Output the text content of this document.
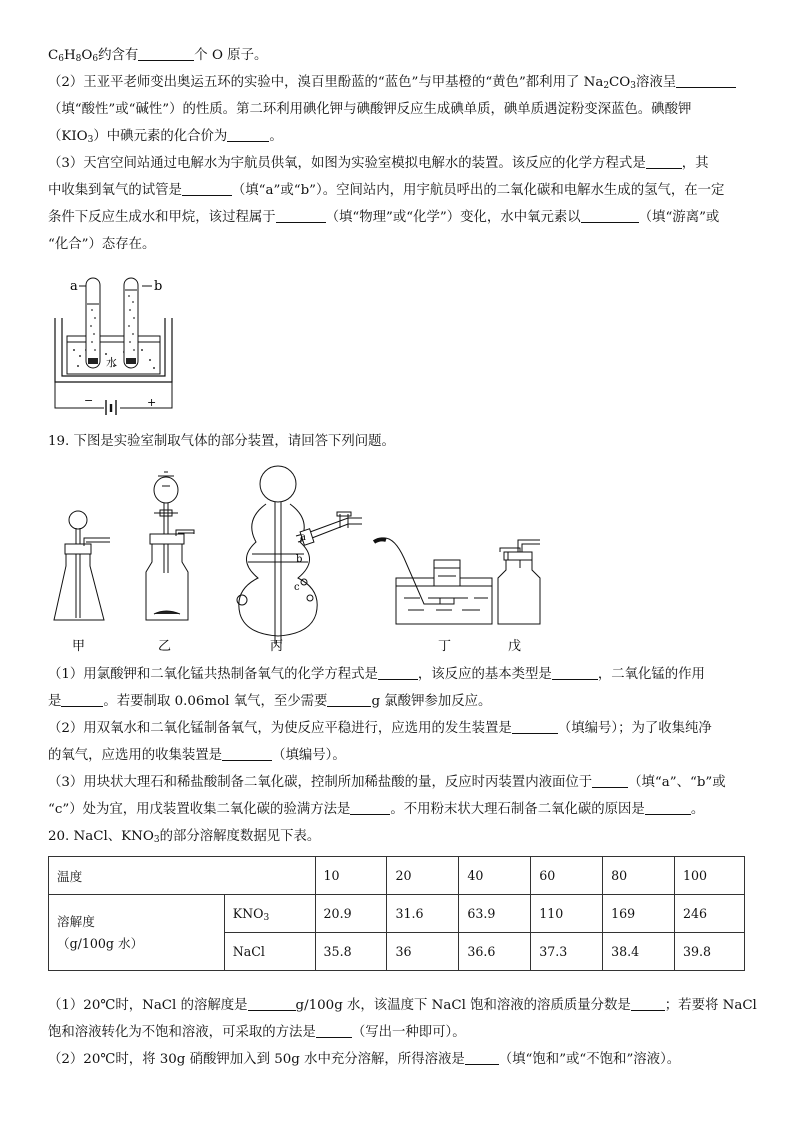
$C_6H_8O_6$约含有	个 O 原子。
（2）王亚平老师变出奥运五环的实验中，溴百里酚蓝的“蓝色”与甲基橙的“黄色”都利用了 $Na_2CO_3$溶液呈
（填“酸性”或“碱性”）的性质。第二环利用碘化钾与碘酸钾反应生成碘单质，碘单质遇淀粉变深蓝色。碘酸钾
$(KIO_3)$中碘元素的化合价为	。
（3）天宫空间站通过电解水为宇航员供氧，如图为实验室模拟电解水的装置。该反应的化学方程式是	，其
中收集到氧气的试管是	（填“a”或“b”）。空间站内，用宇航员呼出的二氧化碳和电解水生成的氢气，在一定
条件下反应生成水和甲烷，该过程属于	（填“物理”或“化学”）变化，水中氧元素以	（填“游离”或
“化合”）态存在。
a	b
水
−	+
19. 下图是实验室制取气体的部分装置，请回答下列问题。
a
b
c
甲	乙	丙	丁	戊
（1）用氯酸钾和二氧化锰共热制备氧气的化学方程式是	，该反应的基本类型是	，二氧化锰的作用
是	。若要制取 0.06mol 氧气，至少需要	g 氯酸钾参加反应。
（2）用双氧水和二氧化锰制备氧气，为使反应平稳进行，应选用的发生装置是	（填编号）；为了收集纯净
的氧气，应选用的收集装置是	（填编号）。
（3）用块状大理石和稀盐酸制备二氧化碳，控制所加稀盐酸的量，反应时丙装置内液面位于	（填“a”、“b”或
“c”）处为宜，用戊装置收集二氧化碳的验满方法是	。不用粉末状大理石制备二氧化碳的原因是	。
20. NaCl、$KNO_3$的部分溶解度数据见下表。
温度		10	20	40	60	80	100

溶解度
（g/100g 水）	$KNO_3$	20.9	31.6	63.9	110	169	246
	NaCl	35.8	36	36.6	37.3	38.4	39.8
（1）20℃时，NaCl 的溶解度是	g/100g 水，该温度下 NaCl 饱和溶液的溶质质量分数是	；若要将 NaCl
饱和溶液转化为不饱和溶液，可采取的方法是	（写出一种即可）。
（2）20℃时，将 30g 硝酸钾加入到 50g 水中充分溶解，所得溶液是	（填“饱和”或“不饱和”溶液）。
